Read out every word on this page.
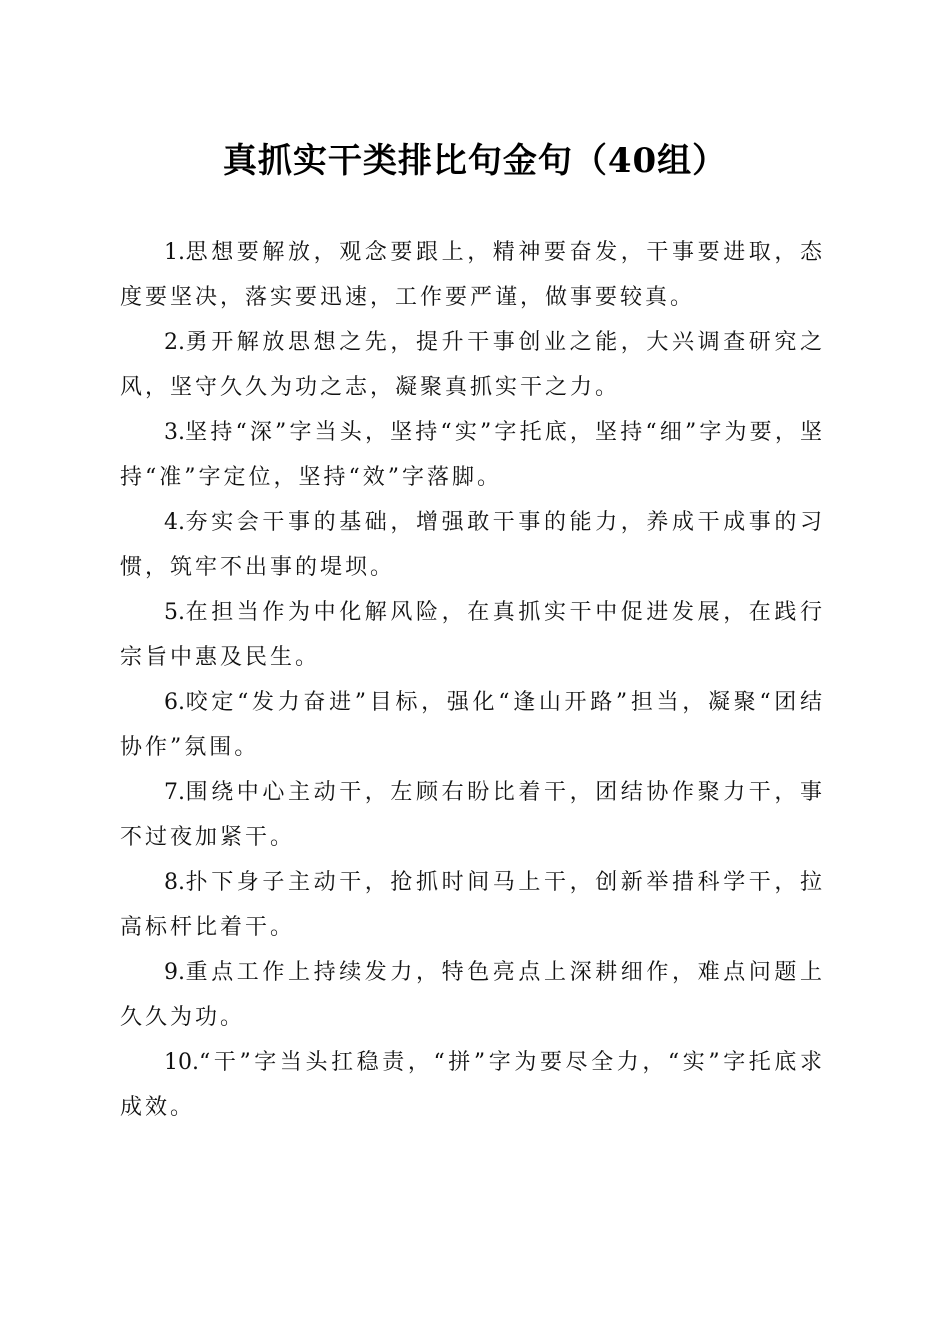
真抓实干类排比句金句（40组）

1.思想要解放，观念要跟上，精神要奋发，干事要进取，态度要坚决，落实要迅速，工作要严谨，做事要较真。

2.勇开解放思想之先，提升干事创业之能，大兴调查研究之风，坚守久久为功之志，凝聚真抓实干之力。

3.坚持“深”字当头，坚持“实”字托底，坚持“细”字为要，坚持“准”字定位，坚持“效”字落脚。

4.夯实会干事的基础，增强敢干事的能力，养成干成事的习惯，筑牢不出事的堤坝。

5.在担当作为中化解风险，在真抓实干中促进发展，在践行宗旨中惠及民生。

6.咬定“发力奋进”目标，强化“逢山开路”担当，凝聚“团结协作”氛围。

7.围绕中心主动干，左顾右盼比着干，团结协作聚力干，事不过夜加紧干。

8.扑下身子主动干，抢抓时间马上干，创新举措科学干，拉高标杆比着干。

9.重点工作上持续发力，特色亮点上深耕细作，难点问题上久久为功。

10.“干”字当头扛稳责，“拼”字为要尽全力，“实”字托底求成效。
